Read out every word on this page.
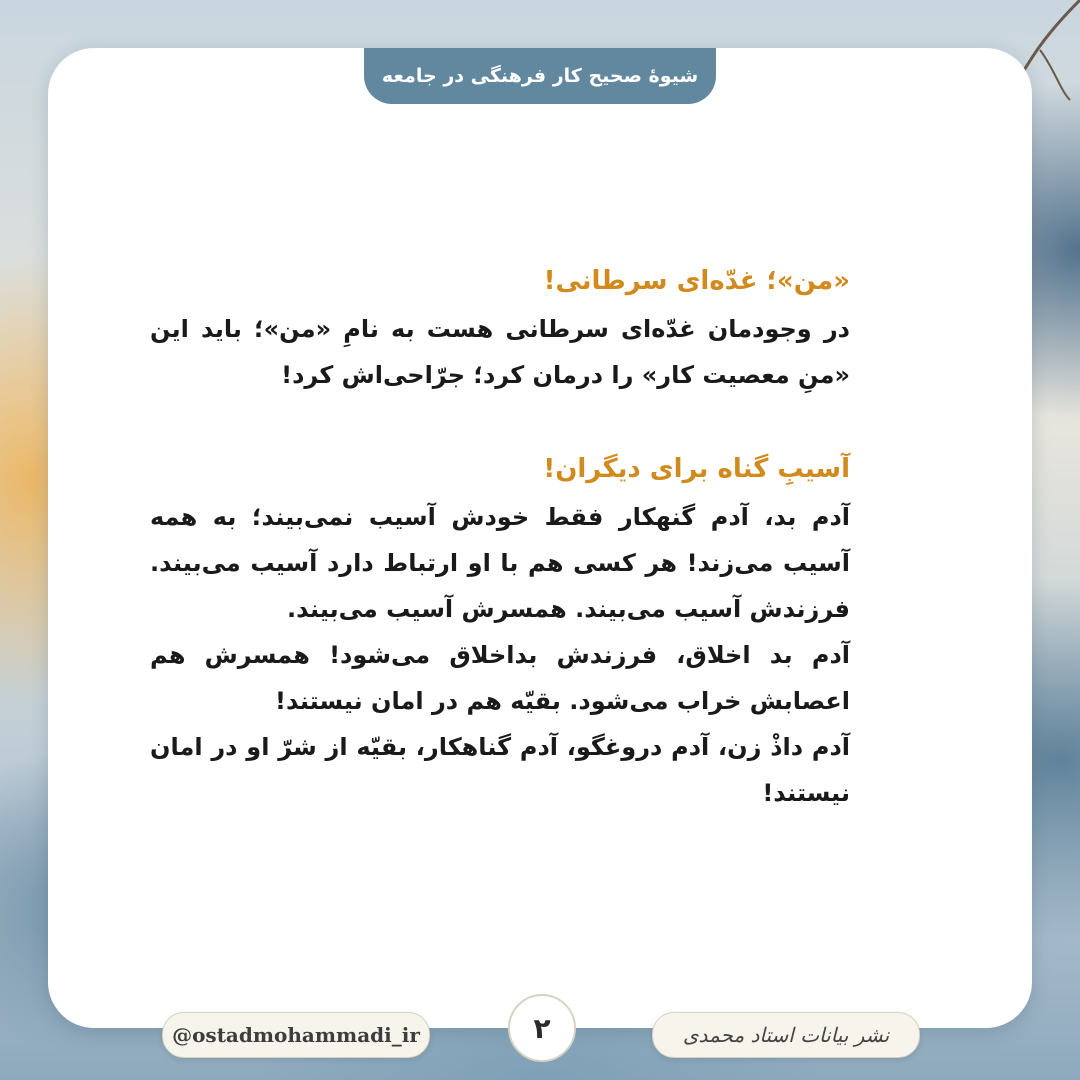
شیوهٔ صحیح کار فرهنگی در جامعه

«من»؛ غدّه‌ای سرطانی!

در وجود‌مان غدّه‌ای سرطانی هست به نامِ «من»؛ باید این «منِ معصیت کار» را درمان کرد؛ جرّاحی‌اش کرد!

آسیبِ گناه برای دیگران!

آدم بد، آدم گنهکار فقط خودش آسیب نمی‌بیند؛ به همه آسیب می‌زند! هر کسی هم با او ارتباط دارد آسیب می‌بیند. فرزندش آسیب می‌بیند. همسرش آسیب می‌بیند.

آدم بد اخلاق، فرزندش بداخلاق می‌شود! همسرش هم اعصابش خراب می‌شود. بقیّه هم در امان نیستند!

آدم داذْ زن، آدم دروغگو، آدم گناهکار، بقیّه از شرّ او در امان نیستند!

@ostadmohammadi_ir	۲	نشر بیانات استاد محمدی
